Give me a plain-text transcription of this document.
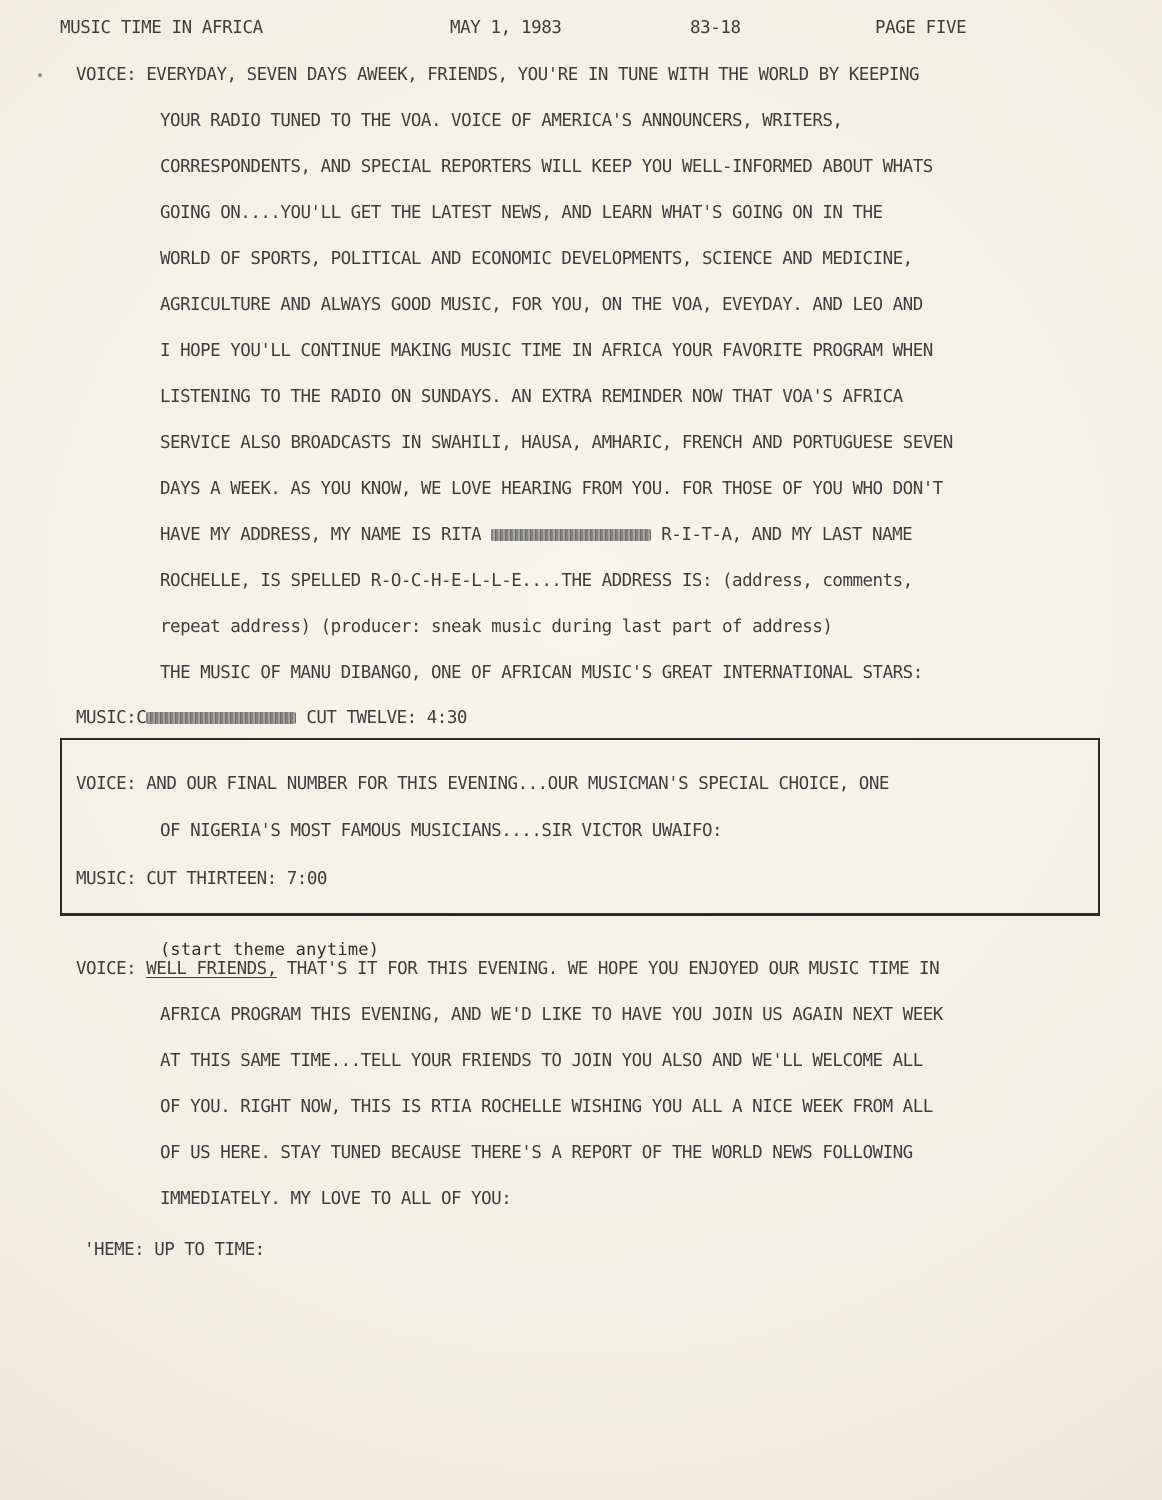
MUSIC TIME IN AFRICA	MAY 1, 1983	83-18	PAGE FIVE
VOICE: EVERYDAY, SEVEN DAYS AWEEK, FRIENDS, YOU'RE IN TUNE WITH THE WORLD BY KEEPING
YOUR RADIO TUNED TO THE VOA. VOICE OF AMERICA'S ANNOUNCERS, WRITERS,
CORRESPONDENTS, AND SPECIAL REPORTERS WILL KEEP YOU WELL-INFORMED ABOUT WHATS
GOING ON....YOU'LL GET THE LATEST NEWS, AND LEARN WHAT'S GOING ON IN THE
WORLD OF SPORTS, POLITICAL AND ECONOMIC DEVELOPMENTS, SCIENCE AND MEDICINE,
AGRICULTURE AND ALWAYS GOOD MUSIC, FOR YOU, ON THE VOA, EVEYDAY. AND LEO AND
I HOPE YOU'LL CONTINUE MAKING MUSIC TIME IN AFRICA YOUR FAVORITE PROGRAM WHEN
LISTENING TO THE RADIO ON SUNDAYS. AN EXTRA REMINDER NOW THAT VOA'S AFRICA
SERVICE ALSO BROADCASTS IN SWAHILI, HAUSA, AMHARIC, FRENCH AND PORTUGUESE SEVEN
DAYS A WEEK. AS YOU KNOW, WE LOVE HEARING FROM YOU. FOR THOSE OF YOU WHO DON'T
HAVE MY ADDRESS, MY NAME IS RITA	R-I-T-A, AND MY LAST NAME
ROCHELLE, IS SPELLED R-O-C-H-E-L-L-E....THE ADDRESS IS: (address, comments,
repeat address) (producer: sneak music during last part of address)
THE MUSIC OF MANU DIBANGO, ONE OF AFRICAN MUSIC'S GREAT INTERNATIONAL STARS:
MUSIC:C	CUT TWELVE: 4:30
VOICE: AND OUR FINAL NUMBER FOR THIS EVENING...OUR MUSICMAN'S SPECIAL CHOICE, ONE
OF NIGERIA'S MOST FAMOUS MUSICIANS....SIR VICTOR UWAIFO:
MUSIC: CUT THIRTEEN: 7:00
(start theme anytime)
VOICE: WELL FRIENDS, THAT'S IT FOR THIS EVENING. WE HOPE YOU ENJOYED OUR MUSIC TIME IN
AFRICA PROGRAM THIS EVENING, AND WE'D LIKE TO HAVE YOU JOIN US AGAIN NEXT WEEK
AT THIS SAME TIME...TELL YOUR FRIENDS TO JOIN YOU ALSO AND WE'LL WELCOME ALL
OF YOU. RIGHT NOW, THIS IS RTIA ROCHELLE WISHING YOU ALL A NICE WEEK FROM ALL
OF US HERE. STAY TUNED BECAUSE THERE'S A REPORT OF THE WORLD NEWS FOLLOWING
IMMEDIATELY. MY LOVE TO ALL OF YOU:
'HEME: UP TO TIME:
